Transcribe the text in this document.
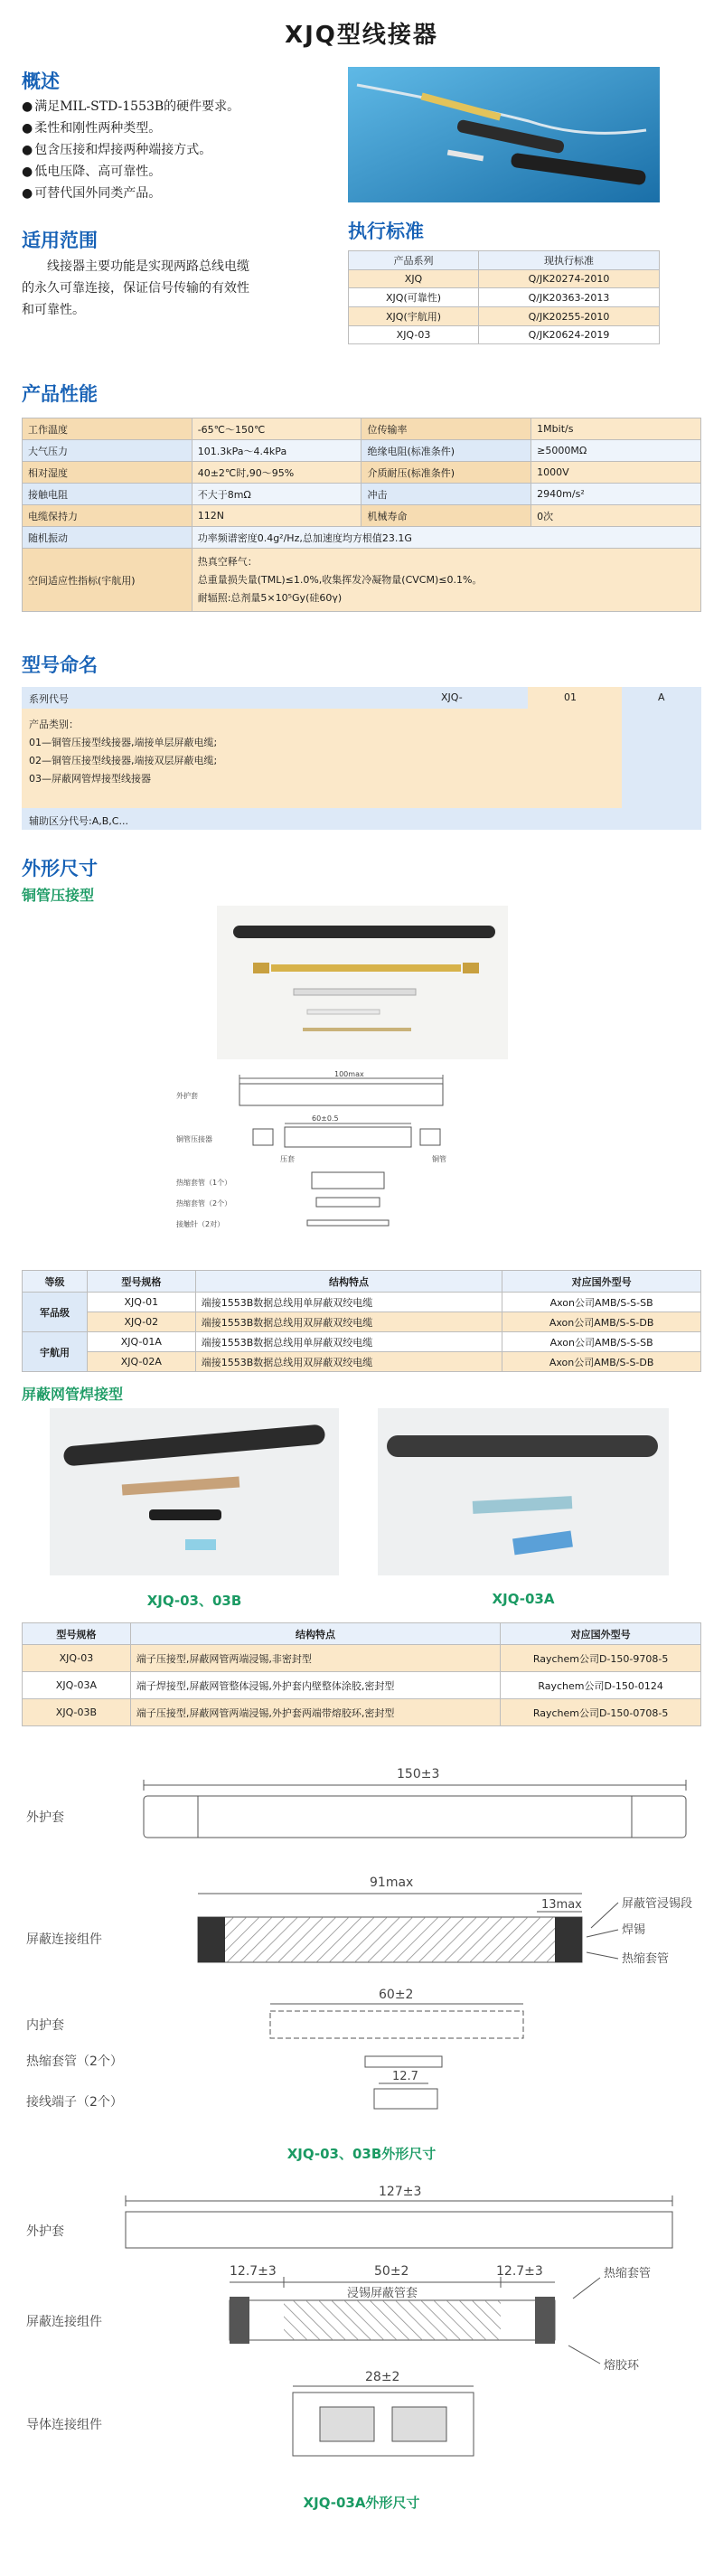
XJQ型线接器
概述
● 满足MIL-STD-1553B的硬件要求。
● 柔性和刚性两种类型。
● 包含压接和焊接两种端接方式。
● 低电压降、高可靠性。
● 可替代国外同类产品。
适用范围
线接器主要功能是实现两路总线电缆的永久可靠连接，保证信号传输的有效性和可靠性。
执行标准
产品系列	现执行标准
XJQ	Q/JK20274-2010
XJQ(可靠性)	Q/JK20363-2013
XJQ(宇航用)	Q/JK20255-2010
XJQ-03	Q/JK20624-2019
产品性能
工作温度	-65℃～150℃	位传输率	1Mbit/s
大气压力	101.3kPa～4.4kPa	绝缘电阻(标准条件)	≥5000MΩ
相对湿度	40±2℃时,90～95%	介质耐压(标准条件)	1000V
接触电阻	不大于8mΩ	冲击	2940m/s²
电缆保持力	112N	机械寿命	0次
随机振动	功率频谱密度0.4g²/Hz,总加速度均方根值23.1G		
空间适应性指标(宇航用)	热真空释气：
总重量损失量(TML)≤1.0%,收集挥发冷凝物量(CVCM)≤0.1%。
耐辐照:总剂量5×10⁵Gy(硅60γ)		
型号命名
系列代号	XJQ-	01	A
产品类别：
01—铜管压接型线接器,端接单层屏蔽电缆;
02—铜管压接型线接器,端接双层屏蔽电缆;
03—屏蔽网管焊接型线接器
辅助区分代号:A,B,C...
外形尺寸
铜管压接型
100max
外护套
60±0.5
铜管压接器
压套	铜管
热缩套管（1个）
热缩套管（2个）
接触针（2对）
等级	型号规格	结构特点	对应国外型号
军品级	XJQ-01	端接1553B数据总线用单屏蔽双绞电缆	Axon公司AMB/S-S-SB
	XJQ-02	端接1553B数据总线用双屏蔽双绞电缆	Axon公司AMB/S-S-DB
宇航用	XJQ-01A	端接1553B数据总线用单屏蔽双绞电缆	Axon公司AMB/S-S-SB
	XJQ-02A	端接1553B数据总线用双屏蔽双绞电缆	Axon公司AMB/S-S-DB
屏蔽网管焊接型
XJQ-03、03B	XJQ-03A
型号规格	结构特点	对应国外型号
XJQ-03	端子压接型,屏蔽网管两端浸锡,非密封型	Raychem公司D-150-9708-5
XJQ-03A	端子焊接型,屏蔽网管整体浸锡,外护套内壁整体涂胶,密封型	Raychem公司D-150-0124
XJQ-03B	端子压接型,屏蔽网管两端浸锡,外护套两端带熔胶环,密封型	Raychem公司D-150-0708-5
150±3
外护套
91max
13max	屏蔽管浸锡段
焊锡
热缩套管
屏蔽连接组件
60±2
内护套
热缩套管（2个）
12.7
接线端子（2个）
XJQ-03、03B外形尺寸
127±3
外护套
12.7±3	50±2	12.7±3
浸锡屏蔽管套
热缩套管
熔胶环
屏蔽连接组件
28±2
导体连接组件
XJQ-03A外形尺寸
